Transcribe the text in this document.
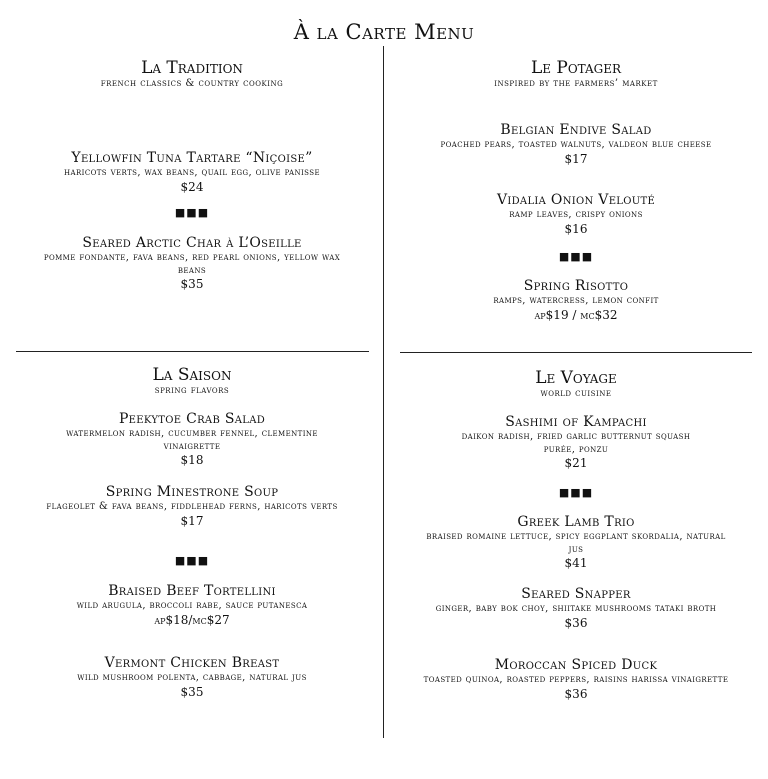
À la Carte Menu
La Tradition
french classics & country cooking
Yellowfin Tuna Tartare “Niçoise”
haricots verts, wax beans, quail egg, olive panisse
$24
■■■
Seared Arctic Char à L’Oseille
pomme fondante, fava beans, red pearl onions, yellow wax beans
$35
Le Potager
inspired by the farmers’ market
Belgian Endive Salad
poached pears, toasted walnuts, valdeon blue cheese
$17
Vidalia Onion Velouté
ramp leaves, crispy onions
$16
■■■
Spring Risotto
ramps, watercress, lemon confit
ap$19 / mc$32
La Saison
spring flavors
Peekytoe Crab Salad
watermelon radish, cucumber fennel, clementine vinaigrette
$18
Spring Minestrone Soup
flageolet & fava beans, fiddlehead ferns, haricots verts
$17
■■■
Braised Beef Tortellini
wild arugula, broccoli rabe, sauce putanesca
ap$18/mc$27
Vermont Chicken Breast
wild mushroom polenta, cabbage, natural jus
$35
Le Voyage
world cuisine
Sashimi of Kampachi
daikon radish, fried garlic butternut squash purée, ponzu
$21
■■■
Greek Lamb Trio
braised romaine lettuce, spicy eggplant skordalia, natural jus
$41
Seared Snapper
ginger, baby bok choy, shiitake mushrooms tataki broth
$36
Moroccan Spiced Duck
toasted quinoa, roasted peppers, raisins harissa vinaigrette
$36
